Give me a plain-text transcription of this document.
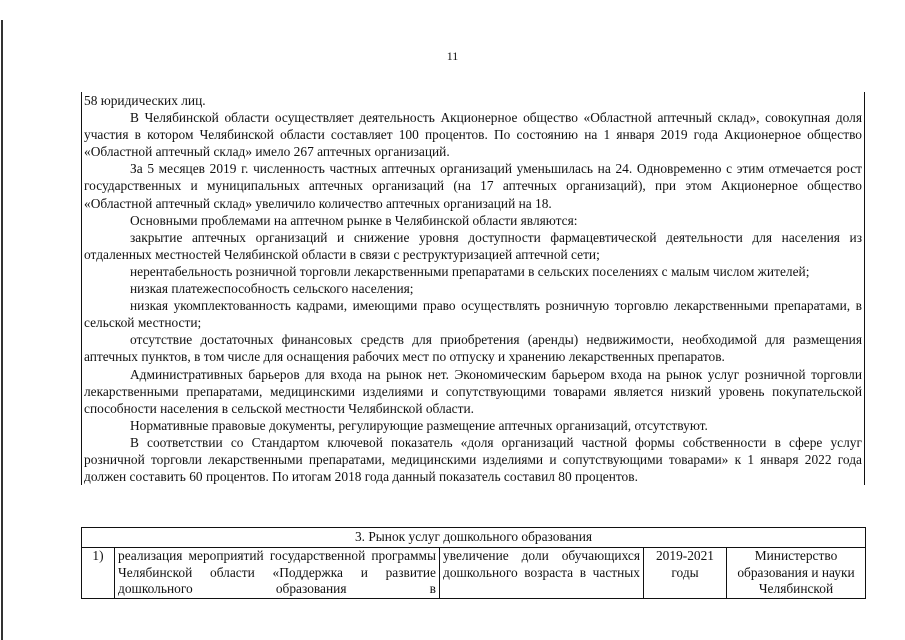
11

58 юридических лиц.

В Челябинской области осуществляет деятельность Акционерное общество «Областной аптечный склад», совокупная доля участия в котором Челябинской области составляет 100 процентов. По состоянию на 1 января 2019 года Акционерное общество «Областной аптечный склад» имело 267 аптечных организаций.

За 5 месяцев 2019 г. численность частных аптечных организаций уменьшилась на 24. Одновременно с этим отмечается рост государственных и муниципальных аптечных организаций (на 17 аптечных организаций), при этом Акционерное общество «Областной аптечный склад» увеличило количество аптечных организаций на 18.

Основными проблемами на аптечном рынке в Челябинской области являются:

закрытие аптечных организаций и снижение уровня доступности фармацевтической деятельности для населения из отдаленных местностей Челябинской области в связи с реструктуризацией аптечной сети;

нерентабельность розничной торговли лекарственными препаратами в сельских поселениях с малым числом жителей;

низкая платежеспособность сельского населения;

низкая укомплектованность кадрами, имеющими право осуществлять розничную торговлю лекарственными препаратами, в сельской местности;

отсутствие достаточных финансовых средств для приобретения (аренды) недвижимости, необходимой для размещения аптечных пунктов, в том числе для оснащения рабочих мест по отпуску и хранению лекарственных препаратов.

Административных барьеров для входа на рынок нет. Экономическим барьером входа на рынок услуг розничной торговли лекарственными препаратами, медицинскими изделиями и сопутствующими товарами является низкий уровень покупательской способности населения в сельской местности Челябинской области.

Нормативные правовые документы, регулирующие размещение аптечных организаций, отсутствуют.

В соответствии со Стандартом ключевой показатель «доля организаций частной формы собственности в сфере услуг розничной торговли лекарственными препаратами, медицинскими изделиями и сопутствующими товарами» к 1 января 2022 года должен составить 60 процентов. По итогам 2018 года данный показатель составил 80 процентов.

3. Рынок услуг дошкольного образования
1)	реализация мероприятий государственной программы Челябинской области «Поддержка и развитие дошкольного образования в	увеличение доли обучающихся дошкольного возраста в частных	2019-2021 годы	Министерство образования и науки Челябинской
